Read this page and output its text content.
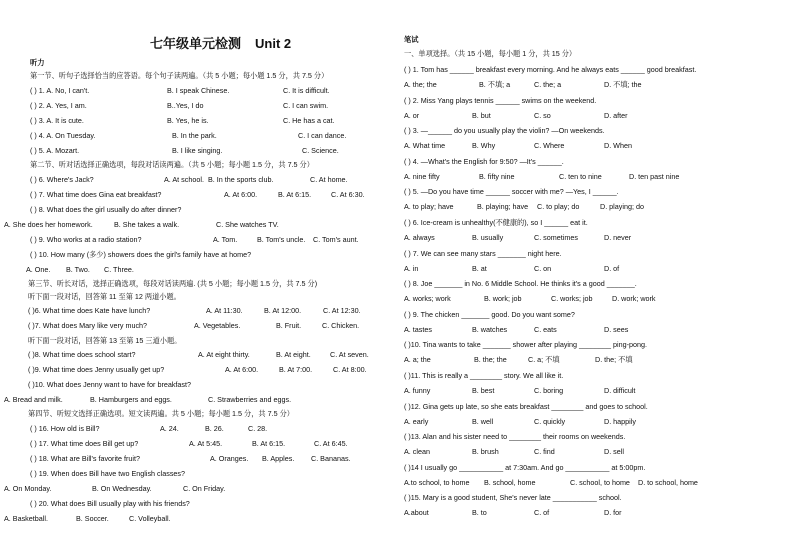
七年级单元检测 Unit 2
听力
第一节、听句子选择恰当的应答语。每个句子读两遍。（共 5 小题；每小题 1.5 分，共 7.5 分）
( ) 1. A. No, I can't.	B. I speak Chinese.	C. It is difficult.
( ) 2. A. Yes, I am.	B..Yes, I do	C. I can swim.
( ) 3. A. It is cute.	B. Yes, he is.	C. He has a cat.
( ) 4. A. On Tuesday.	B. In the park.	C. I can dance.
( ) 5. A. Mozart.	B. I like singing.	C. Science.
第二节、听对话选择正确选项，每段对话读两遍。（共 5 小题；每小题 1.5 分，共 7.5 分）
( ) 6. Where's Jack?	A. At school. B. In the sports club.	C. At home.
( ) 7. What time does Gina eat breakfast?	A. At 6:00.	B. At 6:15.	C. At 6:30.
( ) 8. What does the girl usually do after dinner?
A. She does her homework.	B. She takes a walk.	C. She watches TV.
( ) 9. Who works at a radio station?	A. Tom.	B. Tom's uncle. C. Tom's aunt.
( ) 10. How many (多少) showers does the girl's family have at home?
A. One. B. Two. C. Three.
第三节、听长对话，选择正确选项，每段对话读两遍. (共 5 小题；每小题 1.5 分，共 7.5 分)
听下面一段对话，回答第 11 至第 12 两道小题。
( )6. What time does Kate have lunch?	A. At 11:30.	B. At 12:00.	C. At 12:30.
( )7. What does Mary like very much?	A. Vegetables.	B. Fruit.	C. Chicken.
听下面一段对话，回答第 13 至第 15 三道小题。
( )8. What time does school start?	A. At eight thirty.	B. At eight.	C. At seven.
( )9. What time does Jenny usually get up?	A. At 6:00.	B. At 7:00.	C. At 8:00.
( )10. What does Jenny want to have for breakfast?
A. Bread and milk.	B. Hamburgers and eggs.	C. Strawberries and eggs.
第四节、听短文选择正确选项。短文读两遍。共 5 小题；每小题 1.5 分，共 7.5 分）
( ) 16. How old is Bill?	A. 24.	B. 26.	C. 28.
( ) 17. What time does Bill get up?	A. At 5:45.	B. At 6:15.	C. At 6:45.
( ) 18. What are Bill's favorite fruit?	A. Oranges. B. Apples. C. Bananas.
( ) 19. When does Bill have two English classes?
A. On Monday.	B. On Wednesday.	C. On Friday.
( ) 20. What does Bill usually play with his friends?
A. Basketball.	B. Soccer.	C. Volleyball.
笔试
一、单项选择。（共 15 小题，每小题 1 分，共 15 分）
( ) 1. Tom has ______ breakfast every morning. And he always eats ______ good breakfast.
A. the; the	B. 不填; a	C. the; a	D. 不填; the
( ) 2. Miss Yang plays tennis ______ swims on the weekend.
A. or	B. but	C. so	D. after
( ) 3. —______ do you usually play the violin? —On weekends.
A. What time	B. Why	C. Where	D. When
( ) 4. —What's the English for 9:50? —It's ______.
A. nine fifty	B. fifty nine	C. ten to nine	D. ten past nine
( ) 5. —Do you have time ______ soccer with me? —Yes, I ______.
A. to play; have	B. playing; have C. to play; do	D. playing; do
( ) 6. Ice-cream is unhealthy(不健康的), so I ______ eat it.
A. always	B. usually	C. sometimes	D. never
( ) 7. We can see many stars _______ night here.
A. in	B. at	C. on	D. of
( ) 8. Joe _______ in No. 6 Middle School. He thinks it's a good _______.
A. works; work	B. work; job	C. works; job	D. work; work
( ) 9. The chicken _______ good. Do you want some?
A. tastes	B. watches	C. eats	D. sees
( )10. Tina wants to take _______ shower after playing ________ ping-pong.
A. a; the	B. the; the	C. a; 不填	D. the; 不填
( )11. This is really a ________ story. We all like it.
A. funny	B. best	C. boring	D. difficult
( )12. Gina gets up late, so she eats breakfast ________ and goes to school.
A. early	B. well	C. quickly	D. happily
( )13. Alan and his sister need to ________ their rooms on weekends.
A. clean	B. brush	C. find	D. sell
( )14 I usually go ___________ at 7:30am. And go ___________ at 5:00pm.
A.to school, to home B. school, home	C. school, to home D. to school, home
( )15. Mary is a good student, She's never late ___________ school.
A.about	B. to	C. of	D. for
